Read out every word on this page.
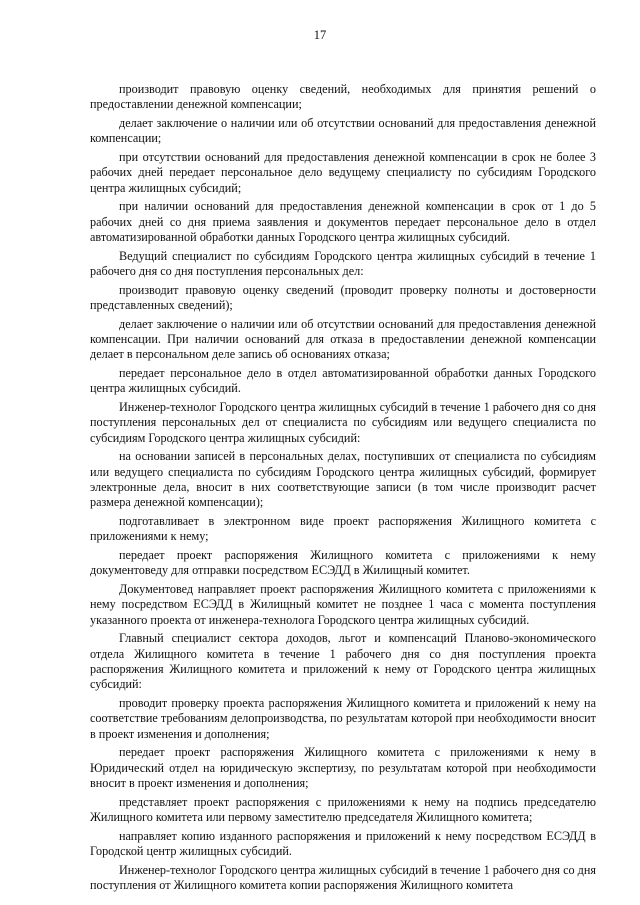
17

производит правовую оценку сведений, необходимых для принятия решений о предоставлении денежной компенсации;

делает заключение о наличии или об отсутствии оснований для предоставления денежной компенсации;

при отсутствии оснований для предоставления денежной компенсации в срок не более 3 рабочих дней передает персональное дело ведущему специалисту по субсидиям Городского центра жилищных субсидий;

при наличии оснований для предоставления денежной компенсации в срок от 1 до 5 рабочих дней со дня приема заявления и документов передает персональное дело в отдел автоматизированной обработки данных Городского центра жилищных субсидий.

Ведущий специалист по субсидиям Городского центра жилищных субсидий в течение 1 рабочего дня со дня поступления персональных дел:

производит правовую оценку сведений (проводит проверку полноты и достоверности представленных сведений);

делает заключение о наличии или об отсутствии оснований для предоставления денежной компенсации. При наличии оснований для отказа в предоставлении денежной компенсации делает в персональном деле запись об основаниях отказа;

передает персональное дело в отдел автоматизированной обработки данных Городского центра жилищных субсидий.

Инженер-технолог Городского центра жилищных субсидий в течение 1 рабочего дня со дня поступления персональных дел от специалиста по субсидиям или ведущего специалиста по субсидиям Городского центра жилищных субсидий:

на основании записей в персональных делах, поступивших от специалиста по субсидиям или ведущего специалиста по субсидиям Городского центра жилищных субсидий, формирует электронные дела, вносит в них соответствующие записи (в том числе производит расчет размера денежной компенсации);

подготавливает в электронном виде проект распоряжения Жилищного комитета с приложениями к нему;

передает проект распоряжения Жилищного комитета с приложениями к нему документоведу для отправки посредством ЕСЭДД в Жилищный комитет.

Документовед направляет проект распоряжения Жилищного комитета с приложениями к нему посредством ЕСЭДД в Жилищный комитет не позднее 1 часа с момента поступления указанного проекта от инженера-технолога Городского центра жилищных субсидий.

Главный специалист сектора доходов, льгот и компенсаций Планово-экономического отдела Жилищного комитета в течение 1 рабочего дня со дня поступления проекта распоряжения Жилищного комитета и приложений к нему от Городского центра жилищных субсидий:

проводит проверку проекта распоряжения Жилищного комитета и приложений к нему на соответствие требованиям делопроизводства, по результатам которой при необходимости вносит в проект изменения и дополнения;

передает проект распоряжения Жилищного комитета с приложениями к нему в Юридический отдел на юридическую экспертизу, по результатам которой при необходимости вносит в проект изменения и дополнения;

представляет проект распоряжения с приложениями к нему на подпись председателю Жилищного комитета или первому заместителю председателя Жилищного комитета;

направляет копию изданного распоряжения и приложений к нему посредством ЕСЭДД в Городской центр жилищных субсидий.

Инженер-технолог Городского центра жилищных субсидий в течение 1 рабочего дня со дня поступления от Жилищного комитета копии распоряжения Жилищного комитета
